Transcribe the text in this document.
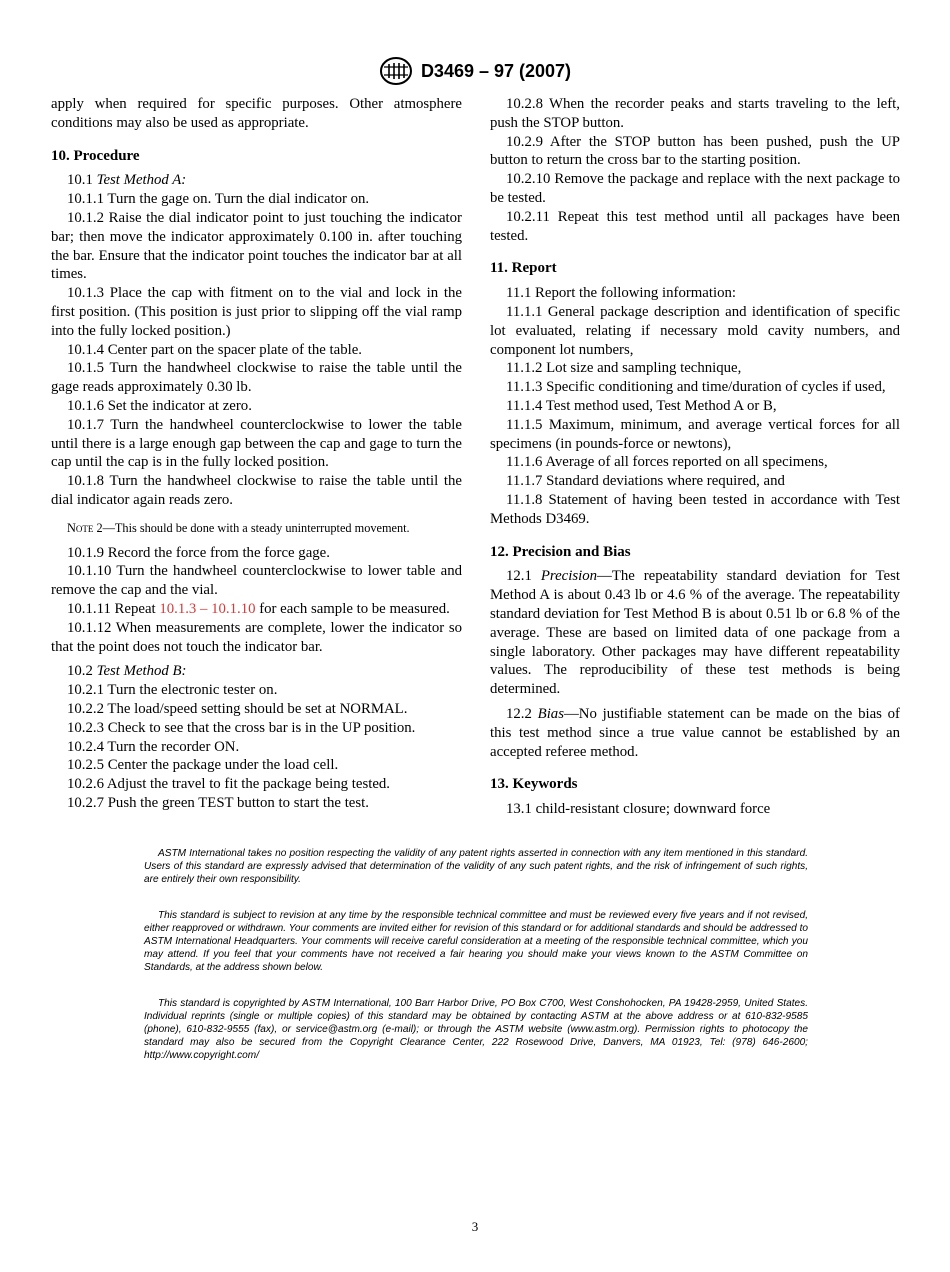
D3469 – 97 (2007)

apply when required for specific purposes. Other atmosphere conditions may also be used as appropriate.

10. Procedure

10.1 Test Method A:

10.1.1 Turn the gage on. Turn the dial indicator on.

10.1.2 Raise the dial indicator point to just touching the indicator bar; then move the indicator approximately 0.100 in. after touching the bar. Ensure that the indicator point touches the indicator bar at all times.

10.1.3 Place the cap with fitment on to the vial and lock in the first position. (This position is just prior to slipping off the vial ramp into the fully locked position.)

10.1.4 Center part on the spacer plate of the table.

10.1.5 Turn the handwheel clockwise to raise the table until the gage reads approximately 0.30 lb.

10.1.6 Set the indicator at zero.

10.1.7 Turn the handwheel counterclockwise to lower the table until there is a large enough gap between the cap and gage to turn the cap until the cap is in the fully locked position.

10.1.8 Turn the handwheel clockwise to raise the table until the dial indicator again reads zero.

Note 2—This should be done with a steady uninterrupted movement.

10.1.9 Record the force from the force gage.

10.1.10 Turn the handwheel counterclockwise to lower table and remove the cap and the vial.

10.1.11 Repeat 10.1.3 – 10.1.10 for each sample to be measured.

10.1.12 When measurements are complete, lower the indicator so that the point does not touch the indicator bar.

10.2 Test Method B:

10.2.1 Turn the electronic tester on.

10.2.2 The load/speed setting should be set at NORMAL.

10.2.3 Check to see that the cross bar is in the UP position.

10.2.4 Turn the recorder ON.

10.2.5 Center the package under the load cell.

10.2.6 Adjust the travel to fit the package being tested.

10.2.7 Push the green TEST button to start the test.

10.2.8 When the recorder peaks and starts traveling to the left, push the STOP button.

10.2.9 After the STOP button has been pushed, push the UP button to return the cross bar to the starting position.

10.2.10 Remove the package and replace with the next package to be tested.

10.2.11 Repeat this test method until all packages have been tested.

11. Report

11.1 Report the following information:

11.1.1 General package description and identification of specific lot evaluated, relating if necessary mold cavity numbers, and component lot numbers,

11.1.2 Lot size and sampling technique,

11.1.3 Specific conditioning and time/duration of cycles if used,

11.1.4 Test method used, Test Method A or B,

11.1.5 Maximum, minimum, and average vertical forces for all specimens (in pounds-force or newtons),

11.1.6 Average of all forces reported on all specimens,

11.1.7 Standard deviations where required, and

11.1.8 Statement of having been tested in accordance with Test Methods D3469.

12. Precision and Bias

12.1 Precision—The repeatability standard deviation for Test Method A is about 0.43 lb or 4.6 % of the average. The repeatability standard deviation for Test Method B is about 0.51 lb or 6.8 % of the average. These are based on limited data of one package from a single laboratory. Other packages may have different repeatability values. The reproducibility of these test methods is being determined.

12.2 Bias—No justifiable statement can be made on the bias of this test method since a true value cannot be established by an accepted referee method.

13. Keywords

13.1 child-resistant closure; downward force

ASTM International takes no position respecting the validity of any patent rights asserted in connection with any item mentioned in this standard. Users of this standard are expressly advised that determination of the validity of any such patent rights, and the risk of infringement of such rights, are entirely their own responsibility.

This standard is subject to revision at any time by the responsible technical committee and must be reviewed every five years and if not revised, either reapproved or withdrawn. Your comments are invited either for revision of this standard or for additional standards and should be addressed to ASTM International Headquarters. Your comments will receive careful consideration at a meeting of the responsible technical committee, which you may attend. If you feel that your comments have not received a fair hearing you should make your views known to the ASTM Committee on Standards, at the address shown below.

This standard is copyrighted by ASTM International, 100 Barr Harbor Drive, PO Box C700, West Conshohocken, PA 19428-2959, United States. Individual reprints (single or multiple copies) of this standard may be obtained by contacting ASTM at the above address or at 610-832-9585 (phone), 610-832-9555 (fax), or service@astm.org (e-mail); or through the ASTM website (www.astm.org). Permission rights to photocopy the standard may also be secured from the Copyright Clearance Center, 222 Rosewood Drive, Danvers, MA 01923, Tel: (978) 646-2600; http://www.copyright.com/

3
